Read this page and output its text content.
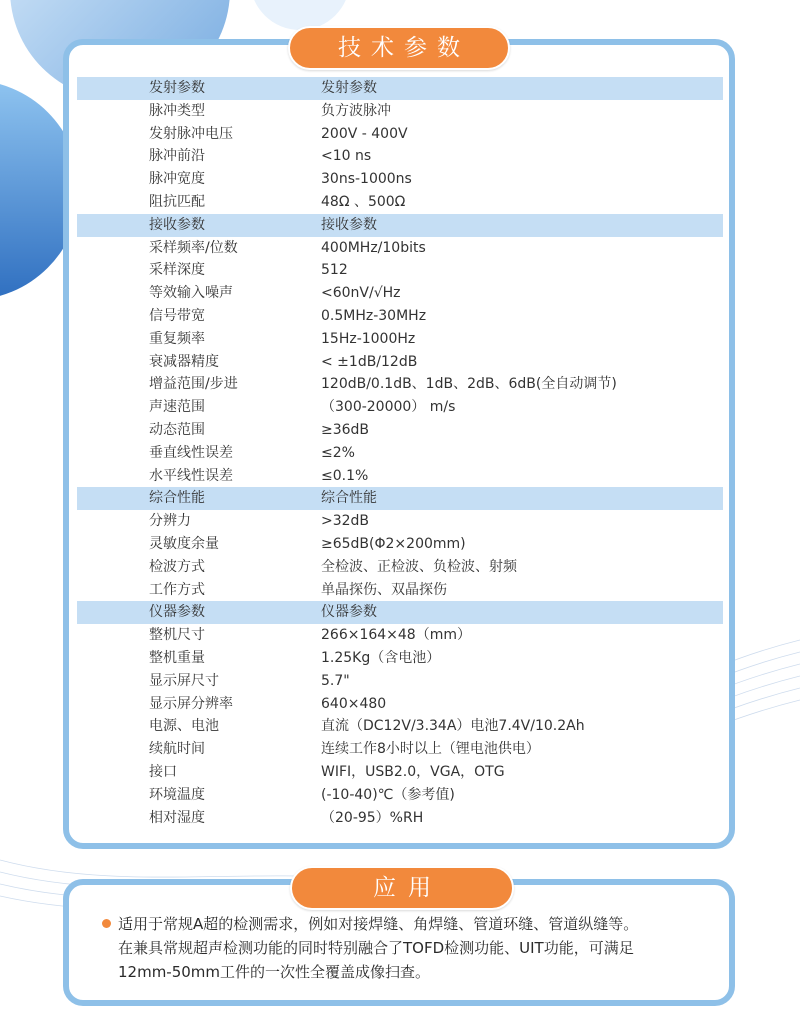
技术参数
发射参数	发射参数
脉冲类型	负方波脉冲
发射脉冲电压	200V - 400V
脉冲前沿	<10 ns
脉冲宽度	30ns-1000ns
阻抗匹配	48Ω 、500Ω
接收参数	接收参数
采样频率/位数	400MHz/10bits
采样深度	512
等效输入噪声	<60nV/√Hz
信号带宽	0.5MHz-30MHz
重复频率	15Hz-1000Hz
衰减器精度	< ±1dB/12dB
增益范围/步进	120dB/0.1dB、1dB、2dB、6dB(全自动调节)
声速范围	（300-20000） m/s
动态范围	≥36dB
垂直线性误差	≤2%
水平线性误差	≤0.1%
综合性能	综合性能
分辨力	>32dB
灵敏度余量	≥65dB(Φ2×200mm)
检波方式	全检波、正检波、负检波、射频
工作方式	单晶探伤、双晶探伤
仪器参数	仪器参数
整机尺寸	266×164×48（mm）
整机重量	1.25Kg（含电池）
显示屏尺寸	5.7"
显示屏分辨率	640×480
电源、电池	直流（DC12V/3.34A）电池7.4V/10.2Ah
续航时间	连续工作8小时以上（锂电池供电）
接口	WIFI，USB2.0，VGA，OTG
环境温度	(-10-40)℃（参考值)
相对湿度	（20-95）%RH
应用

适用于常规A超的检测需求，例如对接焊缝、角焊缝、管道环缝、管道纵缝等。

在兼具常规超声检测功能的同时特别融合了TOFD检测功能、UIT功能，可满足

12mm-50mm工件的一次性全覆盖成像扫查。
